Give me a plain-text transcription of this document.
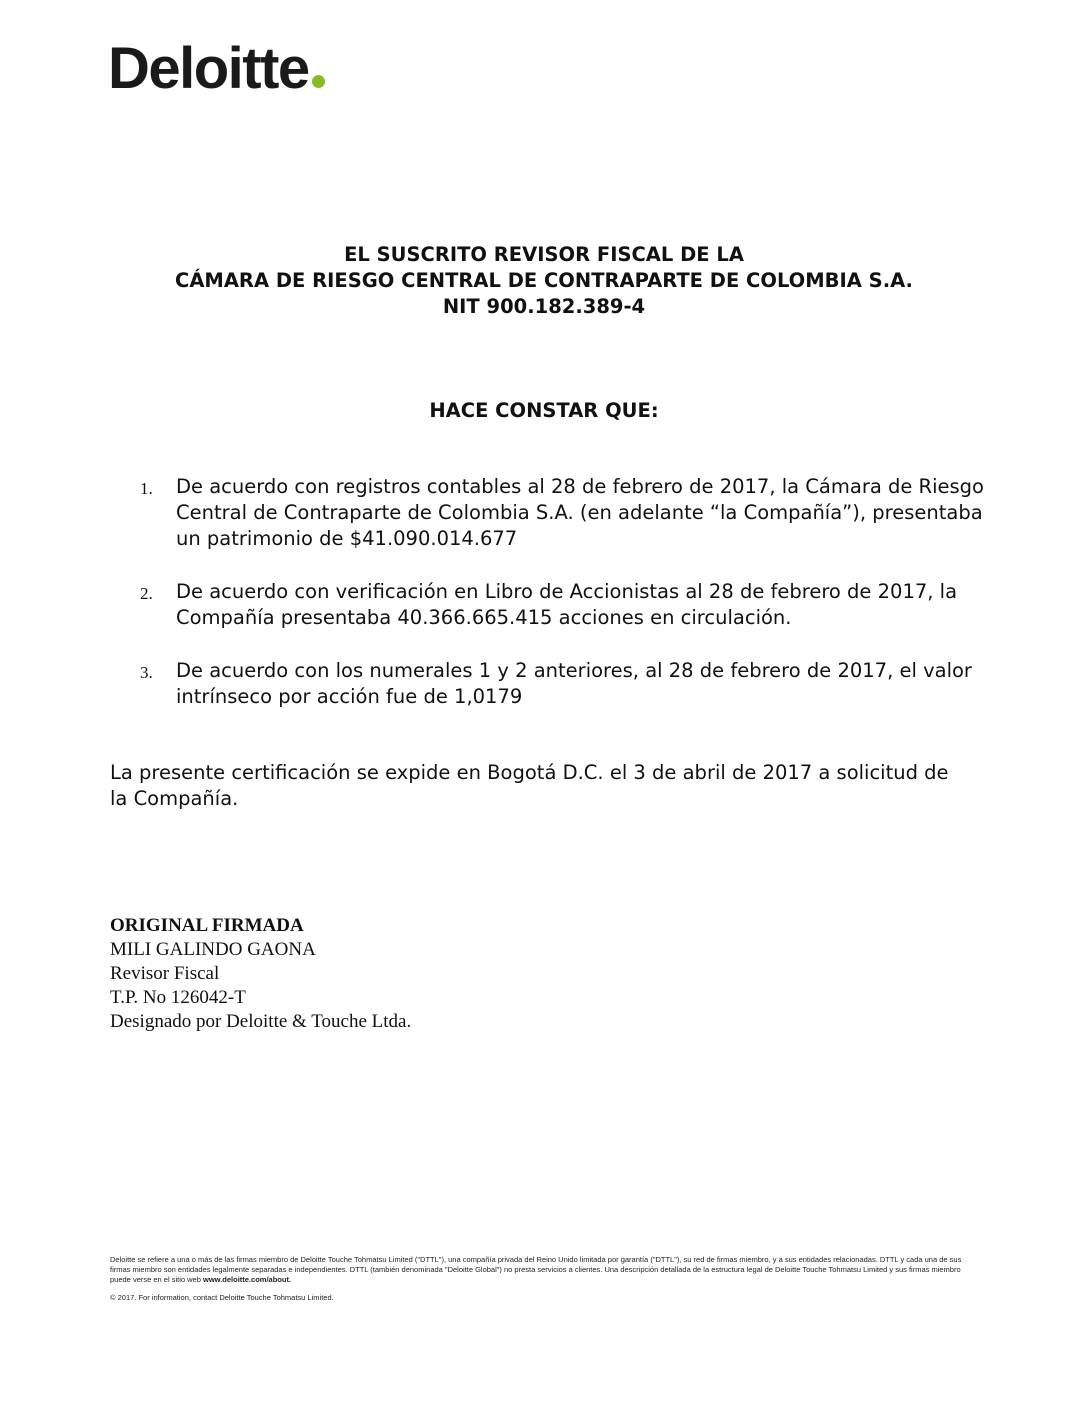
Deloitte
EL SUSCRITO REVISOR FISCAL DE LA
CÁMARA DE RIESGO CENTRAL DE CONTRAPARTE DE COLOMBIA S.A.
NIT 900.182.389-4
HACE CONSTAR QUE:
1. De acuerdo con registros contables al 28 de febrero de 2017, la Cámara de Riesgo Central de Contraparte de Colombia S.A. (en adelante “la Compañía”), presentaba un patrimonio de $41.090.014.677
2. De acuerdo con verificación en Libro de Accionistas al 28 de febrero de 2017, la Compañía presentaba 40.366.665.415 acciones en circulación.
3. De acuerdo con los numerales 1 y 2 anteriores, al 28 de febrero de 2017, el valor intrínseco por acción fue de 1,0179
La presente certificación se expide en Bogotá D.C. el 3 de abril de 2017 a solicitud de la Compañía.
ORIGINAL FIRMADA
MILI GALINDO GAONA
Revisor Fiscal
T.P. No 126042-T
Designado por Deloitte & Touche Ltda.
Deloitte se refiere a una o más de las firmas miembro de Deloitte Touche Tohmatsu Limited ("DTTL"), una compañía privada del Reino Unido limitada por garantía ("DTTL"), su red de firmas miembro, y a sus entidades relacionadas. DTTL y cada una de sus firmas miembro son entidades legalmente separadas e independientes. DTTL (también denominada "Deloitte Global") no presta servicios a clientes. Una descripción detallada de la estructura legal de Deloitte Touche Tohmatsu Limited y sus firmas miembro puede verse en el sitio web www.deloitte.com/about.
© 2017. For information, contact Deloitte Touche Tohmatsu Limited.
